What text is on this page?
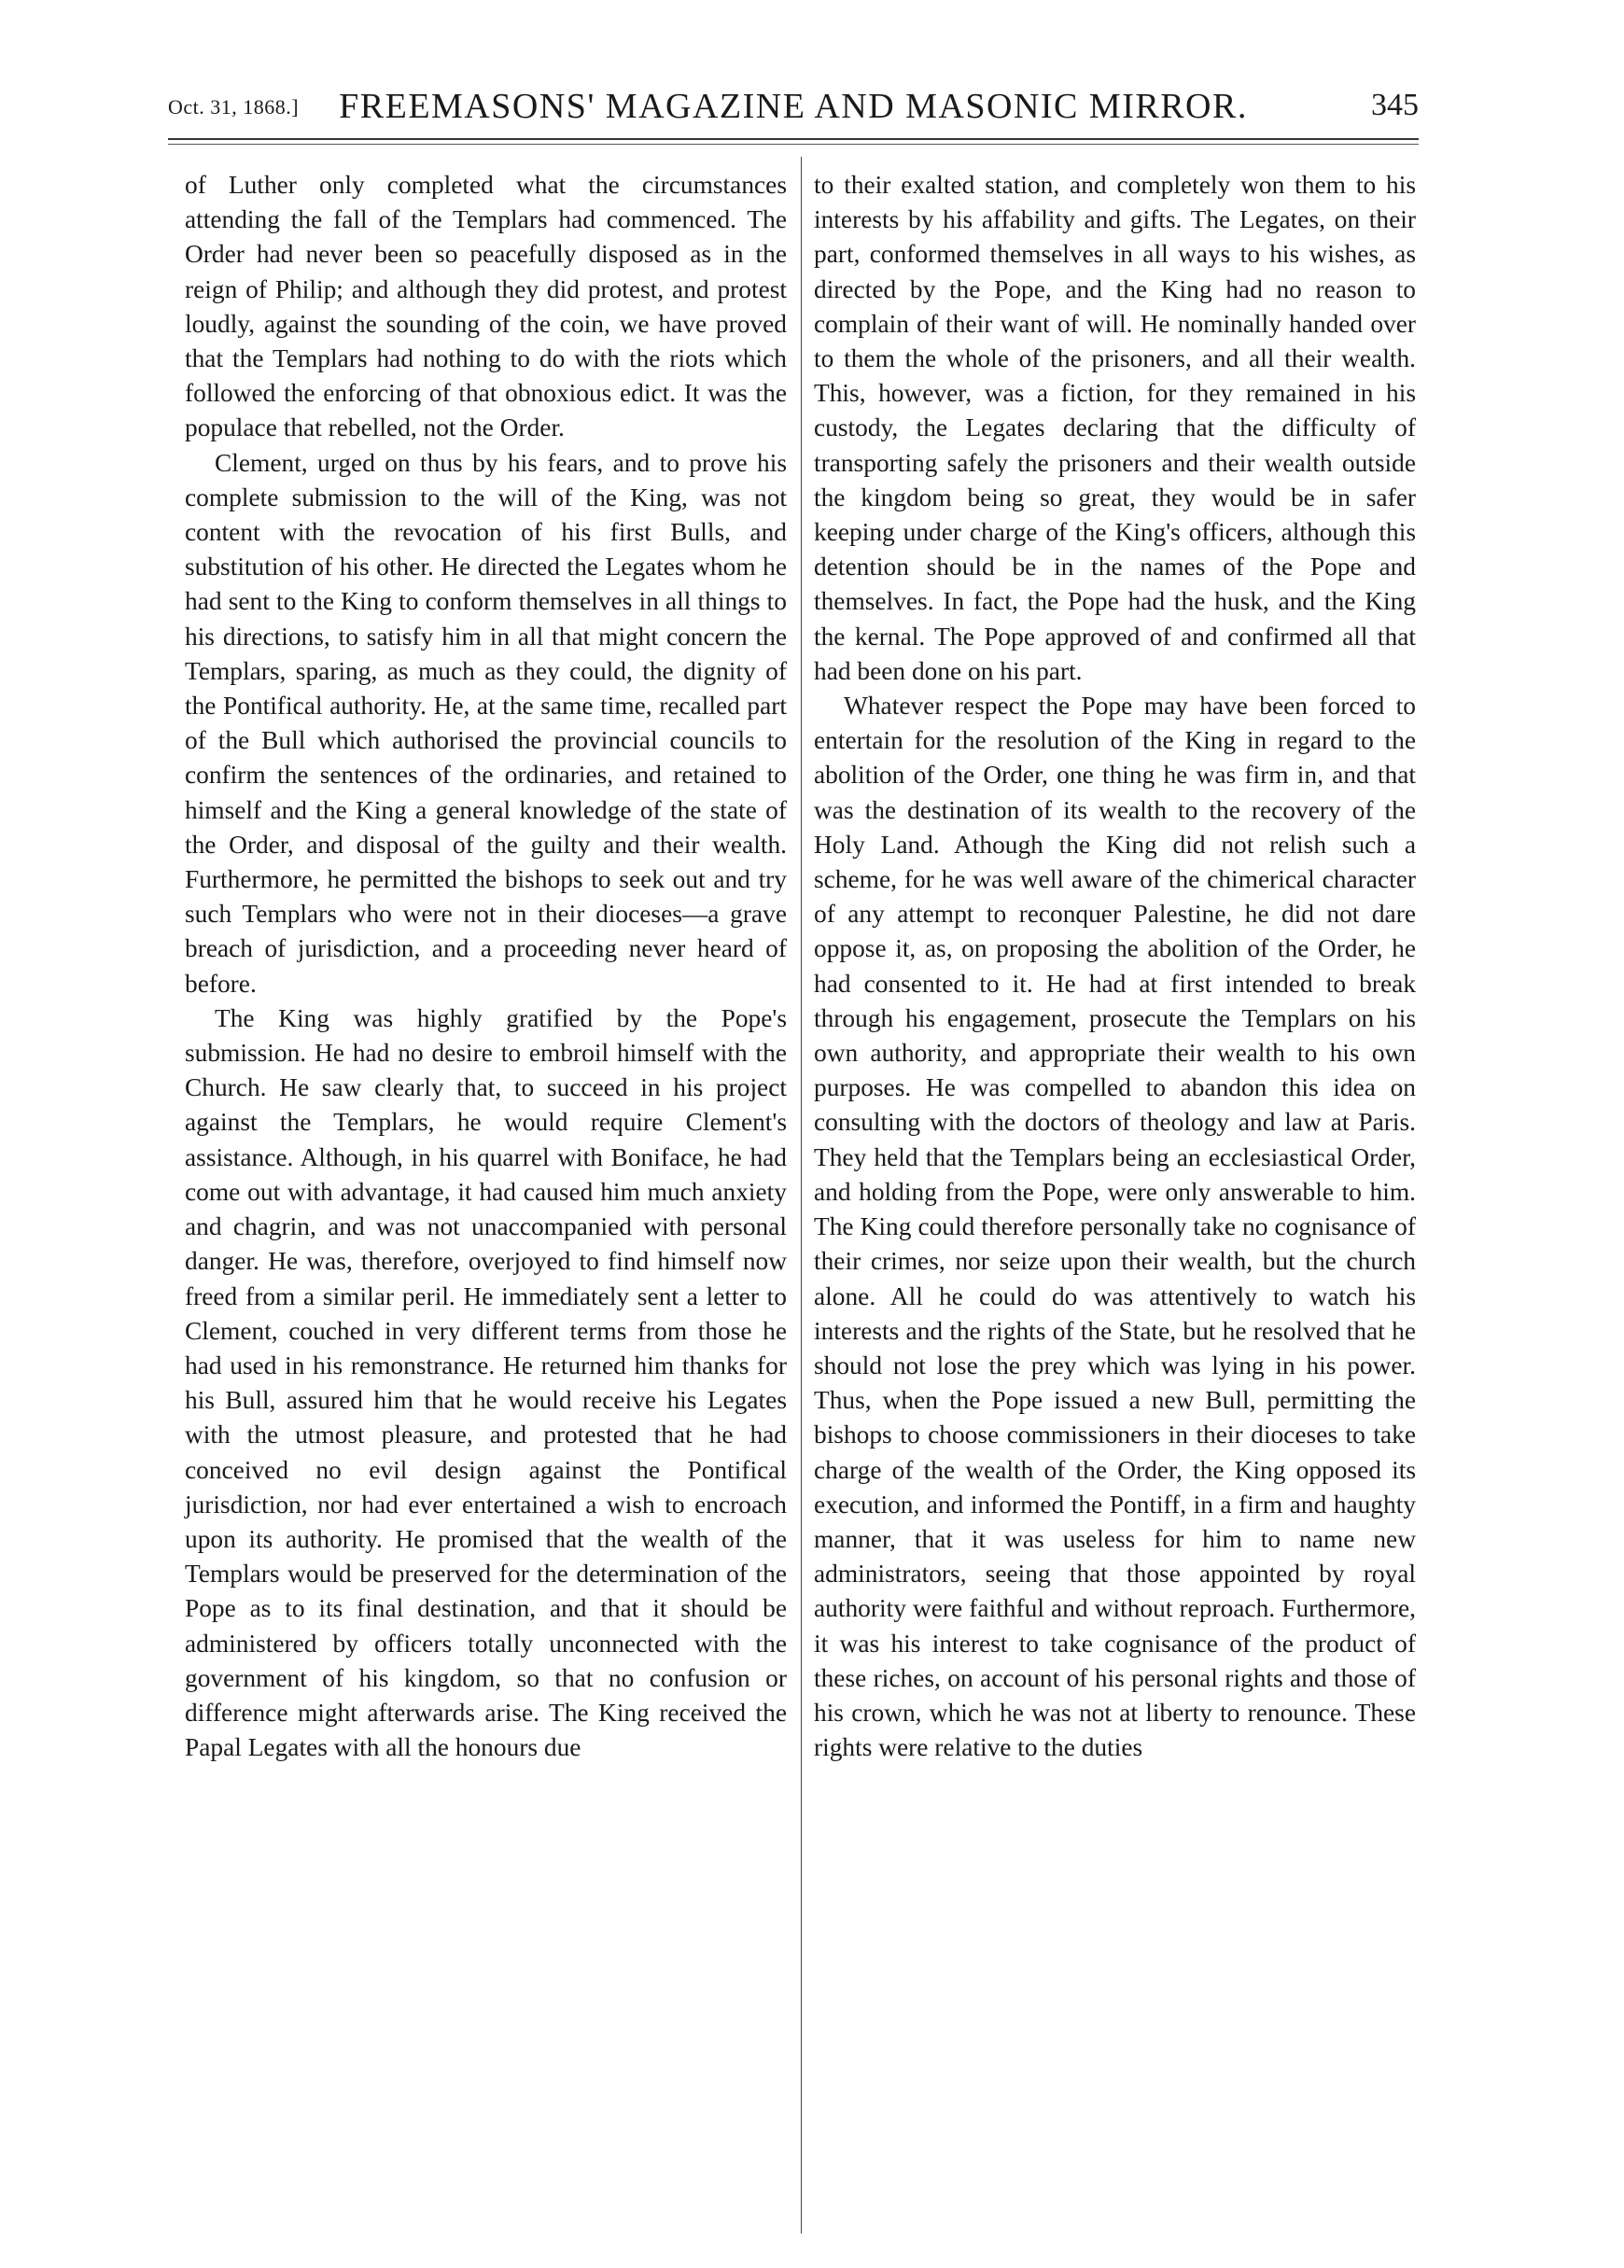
Oct. 31, 1868.]	FREEMASONS' MAGAZINE AND MASONIC MIRROR.	345

of Luther only completed what the circumstances attending the fall of the Templars had commenced. The Order had never been so peacefully disposed as in the reign of Philip; and although they did protest, and protest loudly, against the sounding of the coin, we have proved that the Templars had nothing to do with the riots which followed the enforcing of that obnoxious edict. It was the populace that rebelled, not the Order.

Clement, urged on thus by his fears, and to prove his complete submission to the will of the King, was not content with the revocation of his first Bulls, and substitution of his other. He directed the Legates whom he had sent to the King to conform themselves in all things to his directions, to satisfy him in all that might concern the Templars, sparing, as much as they could, the dignity of the Pontifical authority. He, at the same time, recalled part of the Bull which authorised the provincial councils to confirm the sentences of the ordinaries, and retained to himself and the King a general knowledge of the state of the Order, and disposal of the guilty and their wealth. Furthermore, he permitted the bishops to seek out and try such Templars who were not in their dioceses—a grave breach of jurisdiction, and a proceeding never heard of before.

The King was highly gratified by the Pope's submission. He had no desire to embroil himself with the Church. He saw clearly that, to succeed in his project against the Templars, he would require Clement's assistance. Although, in his quarrel with Boniface, he had come out with advantage, it had caused him much anxiety and chagrin, and was not unaccompanied with personal danger. He was, therefore, overjoyed to find himself now freed from a similar peril. He immediately sent a letter to Clement, couched in very different terms from those he had used in his remonstrance. He returned him thanks for his Bull, assured him that he would receive his Legates with the utmost pleasure, and protested that he had conceived no evil design against the Pontifical jurisdiction, nor had ever entertained a wish to encroach upon its authority. He promised that the wealth of the Templars would be preserved for the determination of the Pope as to its final destination, and that it should be administered by officers totally unconnected with the government of his kingdom, so that no confusion or difference might afterwards arise. The King received the Papal Legates with all the honours due

to their exalted station, and completely won them to his interests by his affability and gifts. The Legates, on their part, conformed themselves in all ways to his wishes, as directed by the Pope, and the King had no reason to complain of their want of will. He nominally handed over to them the whole of the prisoners, and all their wealth. This, however, was a fiction, for they remained in his custody, the Legates declaring that the difficulty of transporting safely the prisoners and their wealth outside the kingdom being so great, they would be in safer keeping under charge of the King's officers, although this detention should be in the names of the Pope and themselves. In fact, the Pope had the husk, and the King the kernal. The Pope approved of and confirmed all that had been done on his part.

Whatever respect the Pope may have been forced to entertain for the resolution of the King in regard to the abolition of the Order, one thing he was firm in, and that was the destination of its wealth to the recovery of the Holy Land. Athough the King did not relish such a scheme, for he was well aware of the chimerical character of any attempt to reconquer Palestine, he did not dare oppose it, as, on proposing the abolition of the Order, he had consented to it. He had at first intended to break through his engagement, prosecute the Templars on his own authority, and appropriate their wealth to his own purposes. He was compelled to abandon this idea on consulting with the doctors of theology and law at Paris. They held that the Templars being an ecclesiastical Order, and holding from the Pope, were only answerable to him. The King could therefore personally take no cognisance of their crimes, nor seize upon their wealth, but the church alone. All he could do was attentively to watch his interests and the rights of the State, but he resolved that he should not lose the prey which was lying in his power. Thus, when the Pope issued a new Bull, permitting the bishops to choose commissioners in their dioceses to take charge of the wealth of the Order, the King opposed its execution, and informed the Pontiff, in a firm and haughty manner, that it was useless for him to name new administrators, seeing that those appointed by royal authority were faithful and without reproach. Furthermore, it was his interest to take cognisance of the product of these riches, on account of his personal rights and those of his crown, which he was not at liberty to renounce. These rights were relative to the duties
